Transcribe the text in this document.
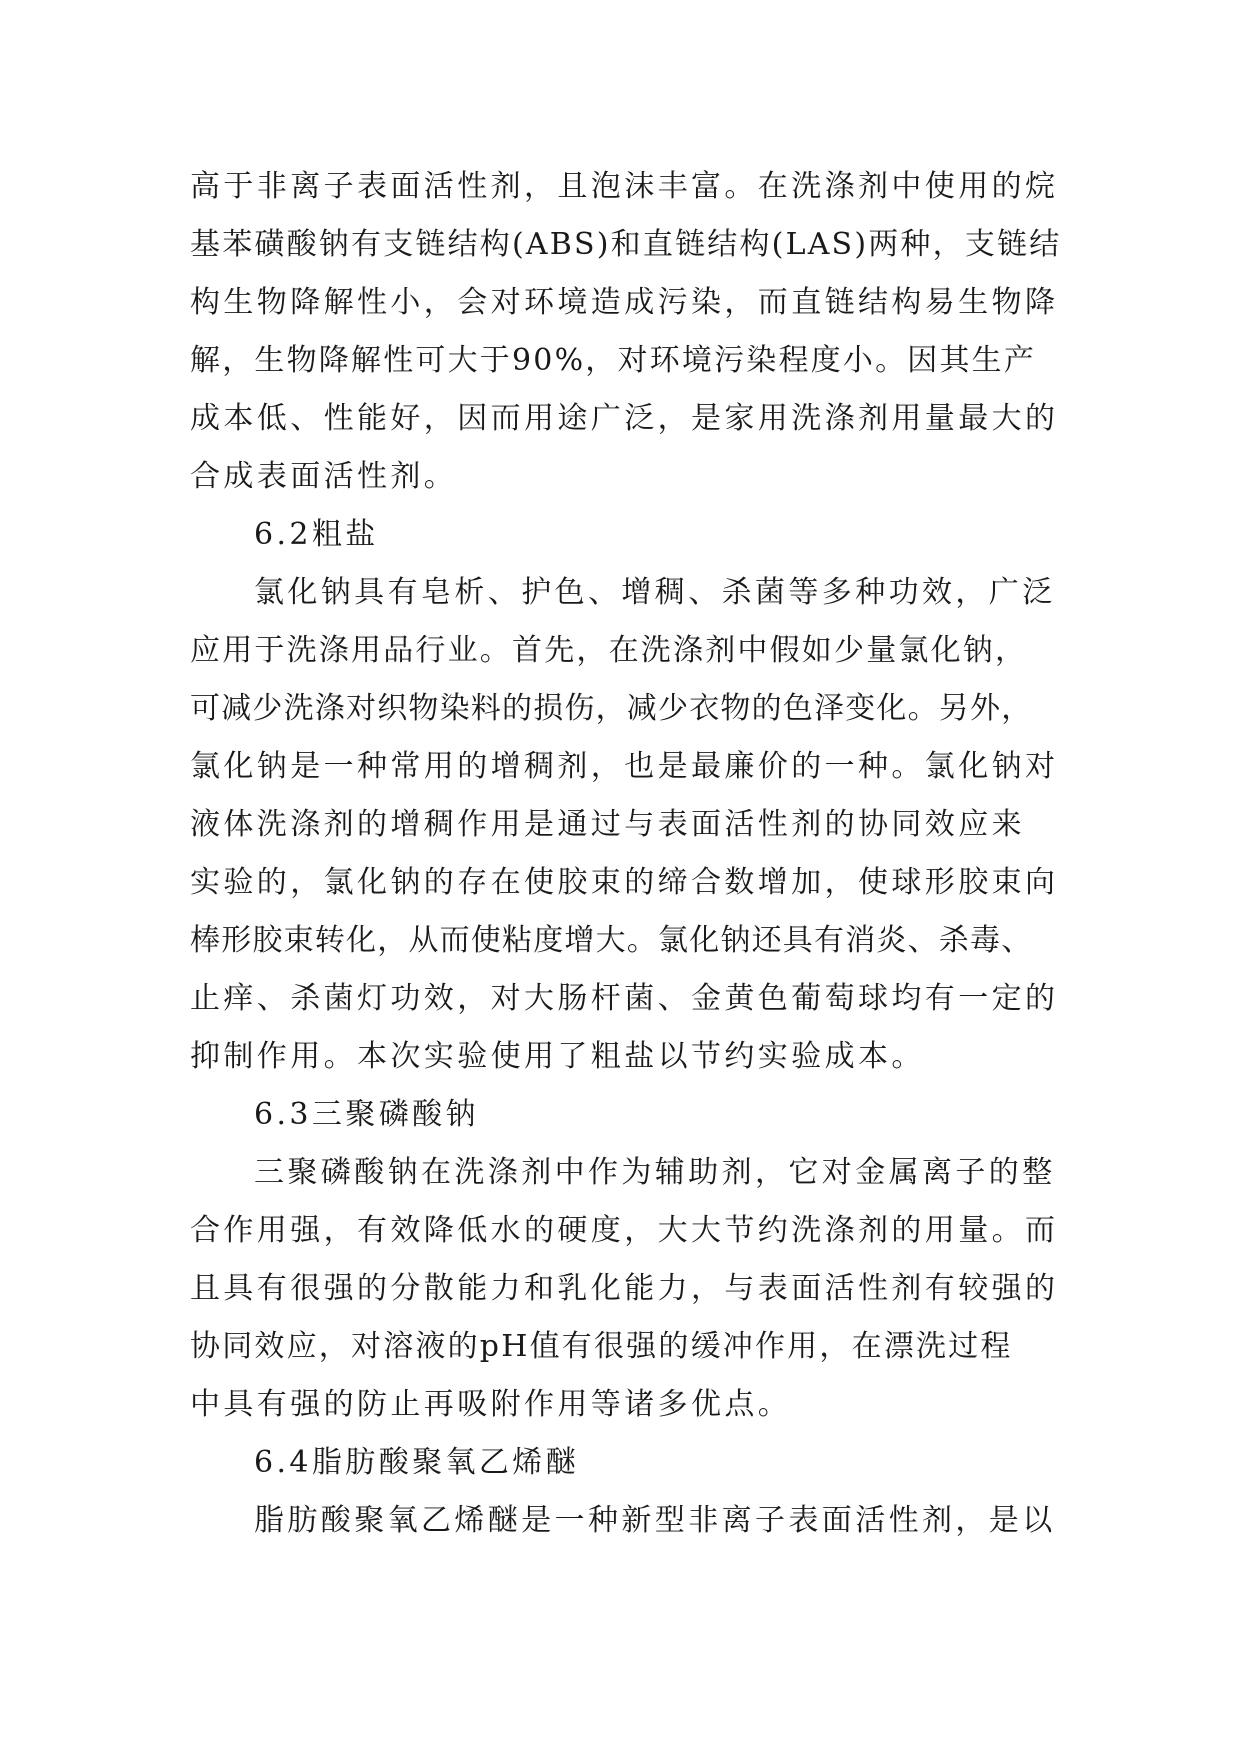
高于非离子表面活性剂，且泡沫丰富。在洗涤剂中使用的烷
基苯磺酸钠有支链结构(ABS)和直链结构(LAS)两种，支链结
构生物降解性小，会对环境造成污染，而直链结构易生物降
解，生物降解性可大于90%，对环境污染程度小。因其生产
成本低、性能好，因而用途广泛，是家用洗涤剂用量最大的
合成表面活性剂。
6.2粗盐
氯化钠具有皂析、护色、增稠、杀菌等多种功效，广泛
应用于洗涤用品行业。首先，在洗涤剂中假如少量氯化钠，
可减少洗涤对织物染料的损伤，减少衣物的色泽变化。另外，
氯化钠是一种常用的增稠剂，也是最廉价的一种。氯化钠对
液体洗涤剂的增稠作用是通过与表面活性剂的协同效应来
实验的，氯化钠的存在使胶束的缔合数增加，使球形胶束向
棒形胶束转化，从而使粘度增大。氯化钠还具有消炎、杀毒、
止痒、杀菌灯功效，对大肠杆菌、金黄色葡萄球均有一定的
抑制作用。本次实验使用了粗盐以节约实验成本。
6.3三聚磷酸钠
三聚磷酸钠在洗涤剂中作为辅助剂，它对金属离子的整
合作用强，有效降低水的硬度，大大节约洗涤剂的用量。而
且具有很强的分散能力和乳化能力，与表面活性剂有较强的
协同效应，对溶液的pH值有很强的缓冲作用，在漂洗过程
中具有强的防止再吸附作用等诸多优点。
6.4脂肪酸聚氧乙烯醚
脂肪酸聚氧乙烯醚是一种新型非离子表面活性剂，是以
